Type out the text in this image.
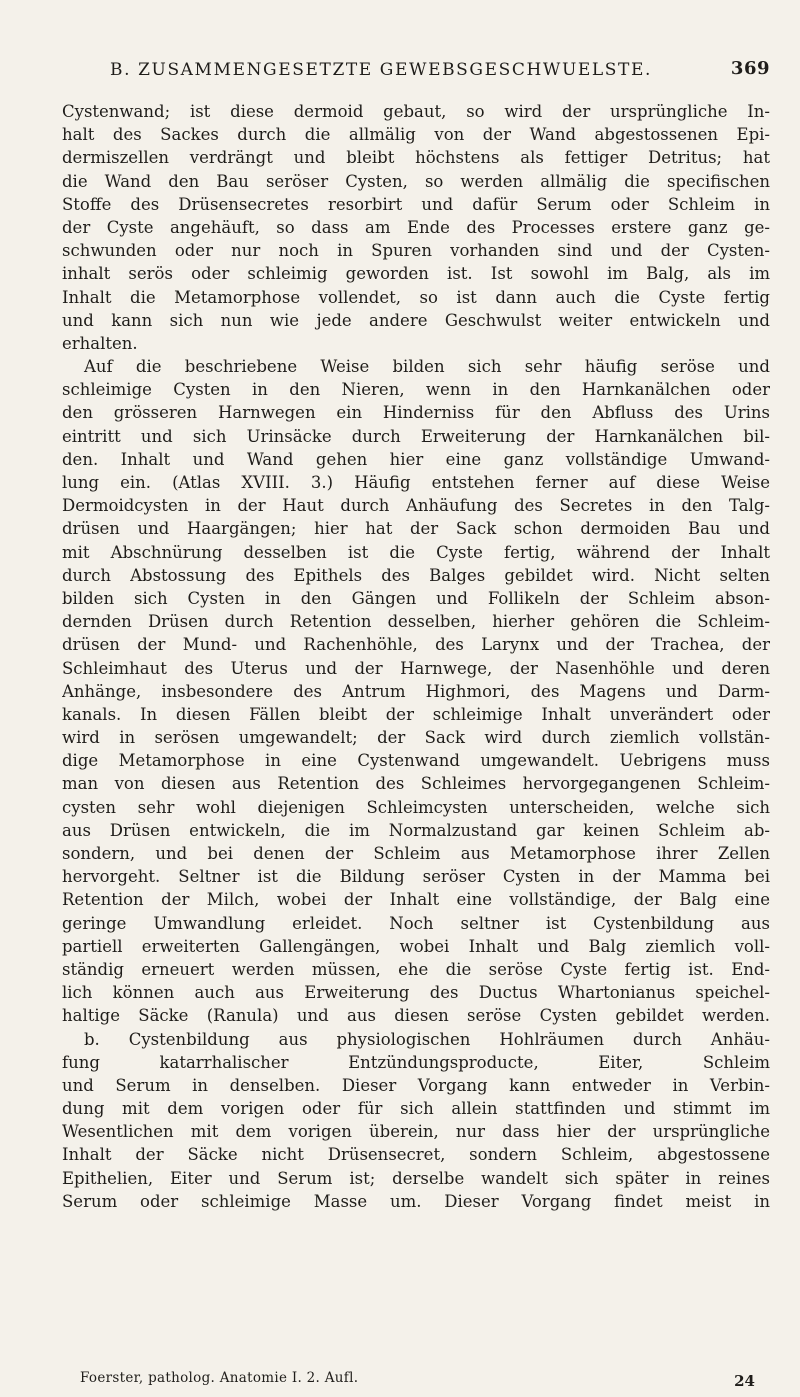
B. ZUSAMMENGESETZTE GEWEBSGESCHWUELSTE.	369
Cystenwand; ist diese dermoid gebaut, so wird der ursprüngliche In-
halt des Sackes durch die allmälig von der Wand abgestossenen Epi-
dermiszellen verdrängt und bleibt höchstens als fettiger Detritus; hat
die Wand den Bau seröser Cysten, so werden allmälig die specifischen
Stoffe des Drüsensecretes resorbirt und dafür Serum oder Schleim in
der Cyste angehäuft, so dass am Ende des Processes erstere ganz ge-
schwunden oder nur noch in Spuren vorhanden sind und der Cysten-
inhalt serös oder schleimig geworden ist. Ist sowohl im Balg, als im
Inhalt die Metamorphose vollendet, so ist dann auch die Cyste fertig
und kann sich nun wie jede andere Geschwulst weiter entwickeln und
erhalten.
Auf die beschriebene Weise bilden sich sehr häufig seröse und
schleimige Cysten in den Nieren, wenn in den Harnkanälchen oder
den grösseren Harnwegen ein Hinderniss für den Abfluss des Urins
eintritt und sich Urinsäcke durch Erweiterung der Harnkanälchen bil-
den. Inhalt und Wand gehen hier eine ganz vollständige Umwand-
lung ein. (Atlas XVIII. 3.) Häufig entstehen ferner auf diese Weise
Dermoidcysten in der Haut durch Anhäufung des Secretes in den Talg-
drüsen und Haargängen; hier hat der Sack schon dermoiden Bau und
mit Abschnürung desselben ist die Cyste fertig, während der Inhalt
durch Abstossung des Epithels des Balges gebildet wird. Nicht selten
bilden sich Cysten in den Gängen und Follikeln der Schleim abson-
dernden Drüsen durch Retention desselben, hierher gehören die Schleim-
drüsen der Mund- und Rachenhöhle, des Larynx und der Trachea, der
Schleimhaut des Uterus und der Harnwege, der Nasenhöhle und deren
Anhänge, insbesondere des Antrum Highmori, des Magens und Darm-
kanals. In diesen Fällen bleibt der schleimige Inhalt unverändert oder
wird in serösen umgewandelt; der Sack wird durch ziemlich vollstän-
dige Metamorphose in eine Cystenwand umgewandelt. Uebrigens muss
man von diesen aus Retention des Schleimes hervorgegangenen Schleim-
cysten sehr wohl diejenigen Schleimcysten unterscheiden, welche sich
aus Drüsen entwickeln, die im Normalzustand gar keinen Schleim ab-
sondern, und bei denen der Schleim aus Metamorphose ihrer Zellen
hervorgeht. Seltner ist die Bildung seröser Cysten in der Mamma bei
Retention der Milch, wobei der Inhalt eine vollständige, der Balg eine
geringe Umwandlung erleidet. Noch seltner ist Cystenbildung aus
partiell erweiterten Gallengängen, wobei Inhalt und Balg ziemlich voll-
ständig erneuert werden müssen, ehe die seröse Cyste fertig ist. End-
lich können auch aus Erweiterung des Ductus Whartonianus speichel-
haltige Säcke (Ranula) und aus diesen seröse Cysten gebildet werden.
b. Cystenbildung aus physiologischen Hohlräumen durch Anhäu-
fung katarrhalischer Entzündungsproducte, Eiter, Schleim
und Serum in denselben. Dieser Vorgang kann entweder in Verbin-
dung mit dem vorigen oder für sich allein stattfinden und stimmt im
Wesentlichen mit dem vorigen überein, nur dass hier der ursprüngliche
Inhalt der Säcke nicht Drüsensecret, sondern Schleim, abgestossene
Epithelien, Eiter und Serum ist; derselbe wandelt sich später in reines
Serum oder schleimige Masse um. Dieser Vorgang findet meist in
Foerster, patholog. Anatomie I. 2. Aufl.	24
